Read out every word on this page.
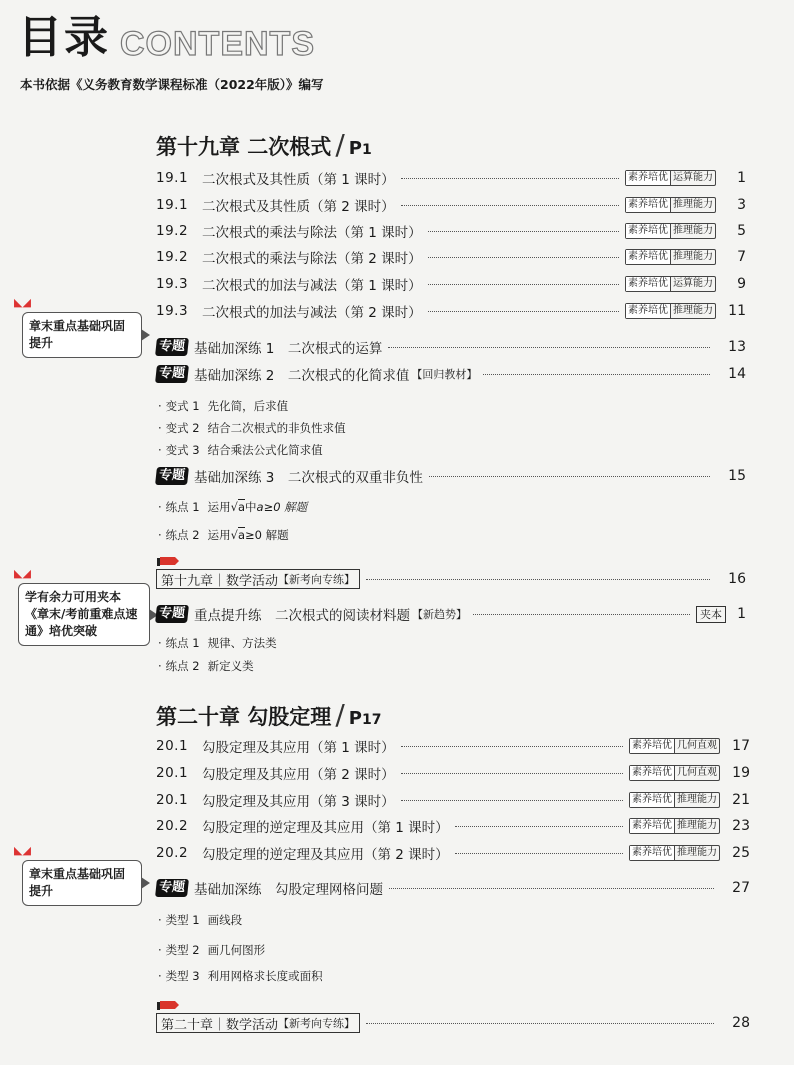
目录 CONTENTS
本书依据《义务教育数学课程标准（2022年版）》编写
◣◢
章末重点基础巩固提升
◣◢
学有余力可用夹本《章末/考前重难点速通》培优突破
◣◢
章末重点基础巩固提升
第十九章 二次根式 / P1
19.1	二次根式及其性质（第 1 课时）	素养培优 运算能力	1
19.1	二次根式及其性质（第 2 课时）	素养培优 推理能力	3
19.2	二次根式的乘法与除法（第 1 课时）	素养培优 推理能力	5
19.2	二次根式的乘法与除法（第 2 课时）	素养培优 推理能力	7
19.3	二次根式的加法与减法（第 1 课时）	素养培优 运算能力	9
19.3	二次根式的加法与减法（第 2 课时）	素养培优 推理能力	11
专题 基础加深练 1　二次根式的运算	13
专题 基础加深练 2　二次根式的化简求值 【回归教材】	14
· 变式 1 先化简，后求值
· 变式 2 结合二次根式的非负性求值
· 变式 3 结合乘法公式化简求值
专题 基础加深练 3　二次根式的双重非负性	15
· 练点 1 运用√a中a≥0 解题
· 练点 2 运用√a≥0 解题
第十九章｜数学活动 【新考向专练】	16
专题 重点提升练　二次根式的阅读材料题 【新趋势】	夹本	1
· 练点 1 规律、方法类
· 练点 2 新定义类
第二十章 勾股定理 / P17
20.1	勾股定理及其应用（第 1 课时）	素养培优 几何直观	17
20.1	勾股定理及其应用（第 2 课时）	素养培优 几何直观	19
20.1	勾股定理及其应用（第 3 课时）	素养培优 推理能力	21
20.2	勾股定理的逆定理及其应用（第 1 课时）	素养培优 推理能力	23
20.2	勾股定理的逆定理及其应用（第 2 课时）	素养培优 推理能力	25
专题 基础加深练　勾股定理网格问题	27
· 类型 1 画线段
· 类型 2 画几何图形
· 类型 3 利用网格求长度或面积
第二十章｜数学活动 【新考向专练】	28
